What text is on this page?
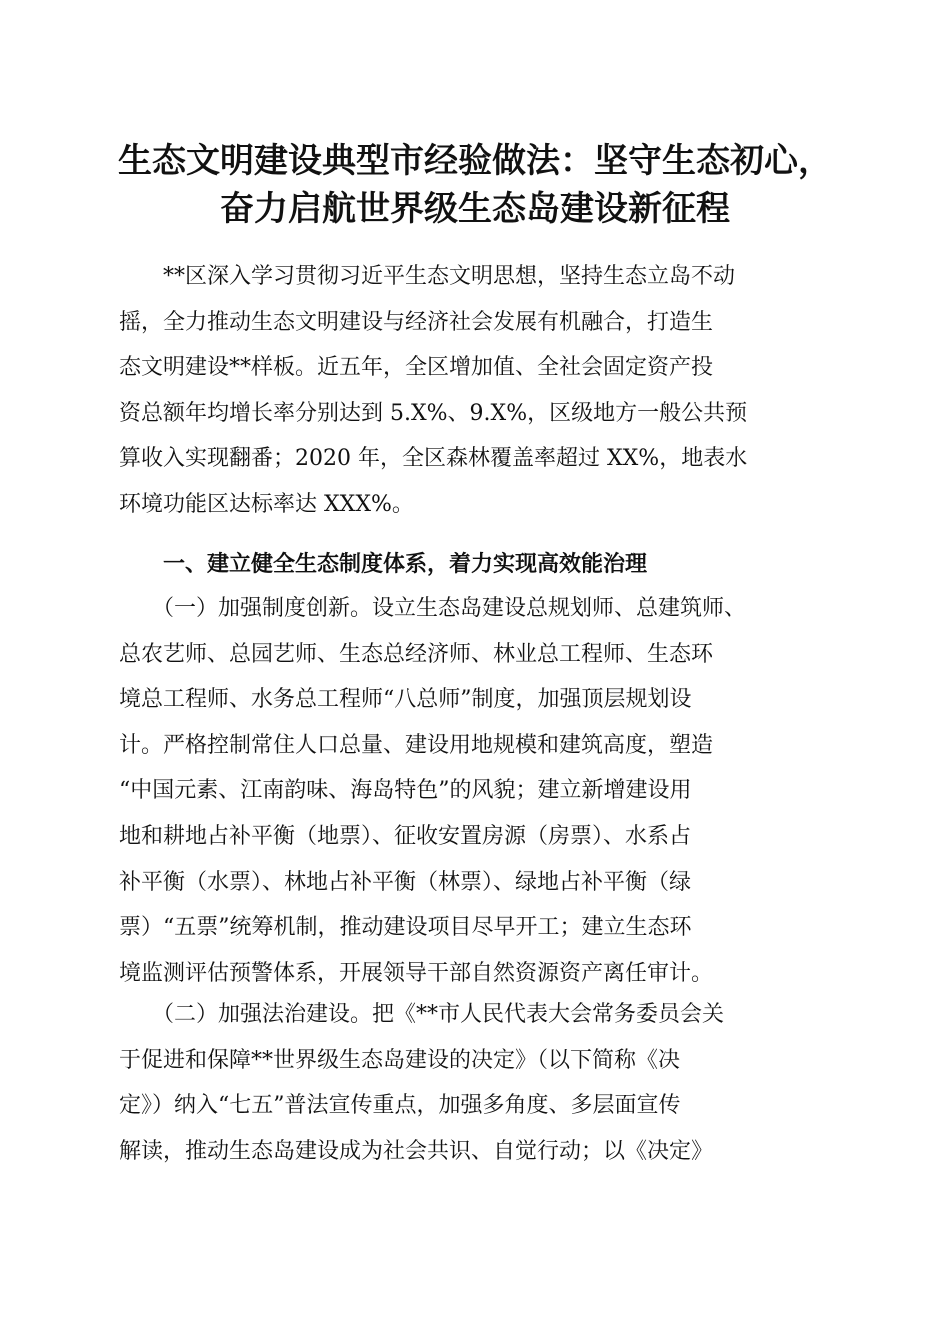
生态文明建设典型市经验做法：坚守生态初心，
奋力启航世界级生态岛建设新征程
　　**区深入学习贯彻习近平生态文明思想，坚持生态立岛不动
摇，全力推动生态文明建设与经济社会发展有机融合，打造生
态文明建设**样板。近五年，全区增加值、全社会固定资产投
资总额年均增长率分别达到 5.X%、9.X%，区级地方一般公共预
算收入实现翻番；2020 年，全区森林覆盖率超过 XX%，地表水
环境功能区达标率达 XXX%。
　　一、建立健全生态制度体系，着力实现高效能治理
　　（一）加强制度创新。设立生态岛建设总规划师、总建筑师、
总农艺师、总园艺师、生态总经济师、林业总工程师、生态环
境总工程师、水务总工程师“八总师”制度，加强顶层规划设
计。严格控制常住人口总量、建设用地规模和建筑高度，塑造
“中国元素、江南韵味、海岛特色”的风貌；建立新增建设用
地和耕地占补平衡（地票）、征收安置房源（房票）、水系占
补平衡（水票）、林地占补平衡（林票）、绿地占补平衡（绿
票）“五票”统筹机制，推动建设项目尽早开工；建立生态环
境监测评估预警体系，开展领导干部自然资源资产离任审计。
　　（二）加强法治建设。把《**市人民代表大会常务委员会关
于促进和保障**世界级生态岛建设的决定》（以下简称《决
定》）纳入“七五”普法宣传重点，加强多角度、多层面宣传
解读，推动生态岛建设成为社会共识、自觉行动；以《决定》
